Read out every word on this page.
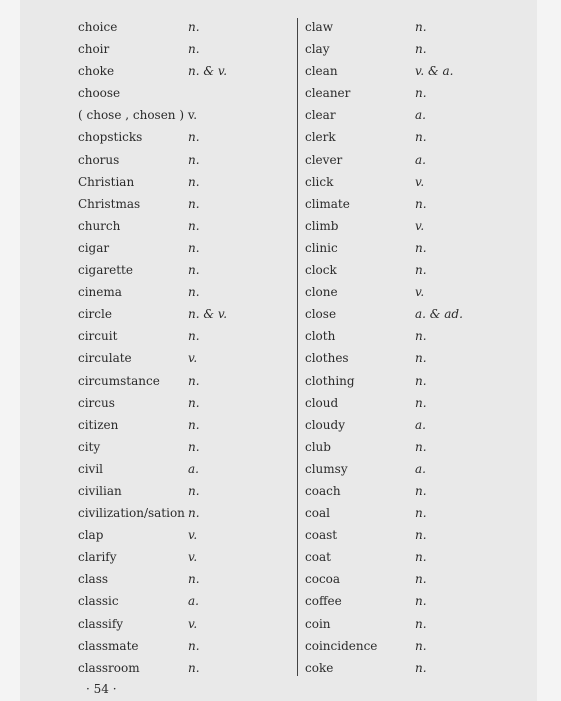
choice	n.
choir	n.
choke	n. & v.
choose
( chose , chosen ) v.
chopsticks	n.
chorus	n.
Christian	n.
Christmas	n.
church	n.
cigar	n.
cigarette	n.
cinema	n.
circle	n. & v.
circuit	n.
circulate	v.
circumstance n.
circus	n.
citizen	n.
city	n.
civil	a.
civilian	n.
civilization/sation n.
clap	v.
clarify	v.
class	n.
classic	a.
classify	v.
classmate	n.
classroom	n.
claw	n.
clay	n.
clean	v. & a.
cleaner	n.
clear	a.
clerk	n.
clever	a.
click	v.
climate	n.
climb	v.
clinic	n.
clock	n.
clone	v.
close	a. & ad.
cloth	n.
clothes	n.
clothing	n.
cloud	n.
cloudy	a.
club	n.
clumsy	a.
coach	n.
coal	n.
coast	n.
coat	n.
cocoa	n.
coffee	n.
coin	n.
coincidence	n.
coke	n.
· 54 ·
